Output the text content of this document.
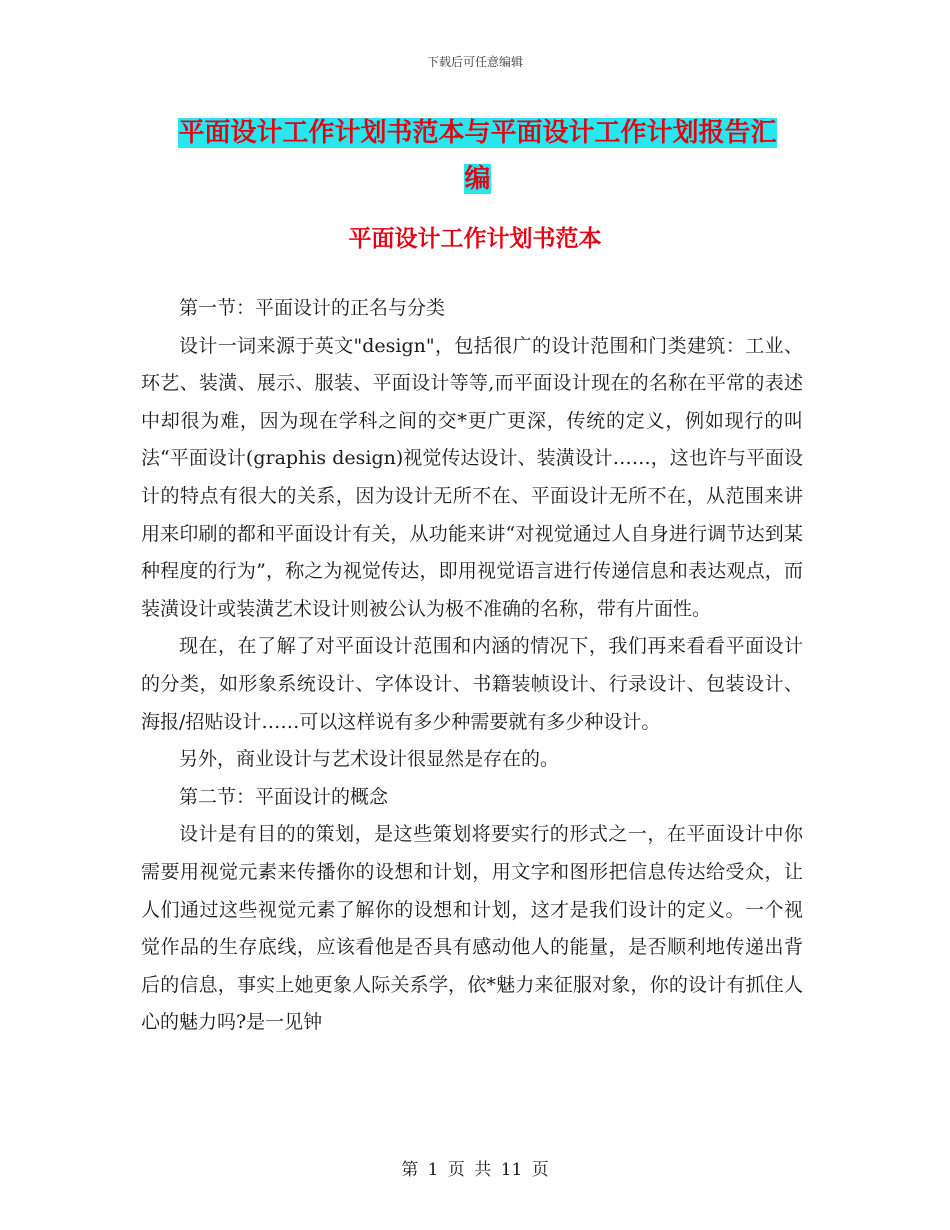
下载后可任意编辑
平面设计工作计划书范本与平面设计工作计划报告汇
编
平面设计工作计划书范本

第一节：平面设计的正名与分类

设计一词来源于英文"design"，包括很广的设计范围和门类建筑：工业、环艺、装潢、展示、服装、平面设计等等,而平面设计现在的名称在平常的表述中却很为难，因为现在学科之间的交*更广更深，传统的定义，例如现行的叫法“平面设计(graphis design)视觉传达设计、装潢设计……，这也许与平面设计的特点有很大的关系，因为设计无所不在、平面设计无所不在，从范围来讲用来印刷的都和平面设计有关，从功能来讲“对视觉通过人自身进行调节达到某种程度的行为”，称之为视觉传达，即用视觉语言进行传递信息和表达观点，而装潢设计或装潢艺术设计则被公认为极不准确的名称，带有片面性。

现在，在了解了对平面设计范围和内涵的情况下，我们再来看看平面设计的分类，如形象系统设计、字体设计、书籍装帧设计、行录设计、包装设计、海报/招贴设计……可以这样说有多少种需要就有多少种设计。

另外，商业设计与艺术设计很显然是存在的。

第二节：平面设计的概念

设计是有目的的策划，是这些策划将要实行的形式之一，在平面设计中你需要用视觉元素来传播你的设想和计划，用文字和图形把信息传达给受众，让人们通过这些视觉元素了解你的设想和计划，这才是我们设计的定义。一个视觉作品的生存底线，应该看他是否具有感动他人的能量，是否顺利地传递出背后的信息，事实上她更象人际关系学，依*魅力来征服对象，你的设计有抓住人心的魅力吗?是一见钟

第 1 页 共 11 页
